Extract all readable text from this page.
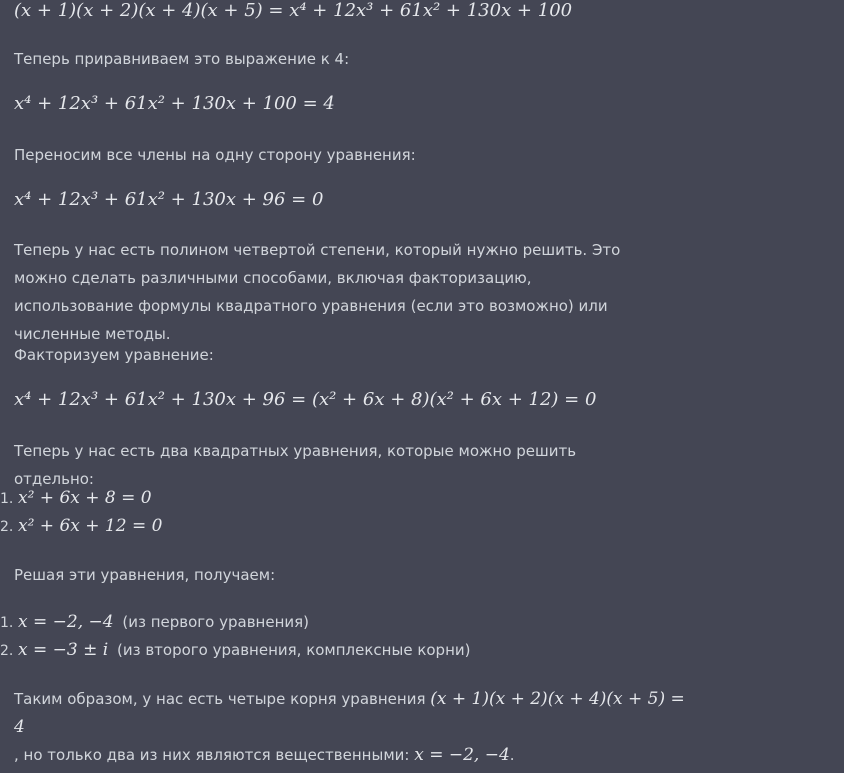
(x + 1)(x + 2)(x + 4)(x + 5) = x⁴ + 12x³ + 61x² + 130x + 100
Теперь приравниваем это выражение к 4:
x⁴ + 12x³ + 61x² + 130x + 100 = 4
Переносим все члены на одну сторону уравнения:
x⁴ + 12x³ + 61x² + 130x + 96 = 0
Теперь у нас есть полином четвертой степени, который нужно решить. Это можно сделать различными способами, включая факторизацию, использование формулы квадратного уравнения (если это возможно) или численные методы.
Факторизуем уравнение:
x⁴ + 12x³ + 61x² + 130x + 96 = (x² + 6x + 8)(x² + 6x + 12) = 0
Теперь у нас есть два квадратных уравнения, которые можно решить отдельно:
1. x² + 6x + 8 = 0
2. x² + 6x + 12 = 0
Решая эти уравнения, получаем:
1. x = −2, −4 (из первого уравнения)
2. x = −3 ± i (из второго уравнения, комплексные корни)
Таким образом, у нас есть четыре корня уравнения (x + 1)(x + 2)(x + 4)(x + 5) = 4
, но только два из них являются вещественными: x = −2, −4.
